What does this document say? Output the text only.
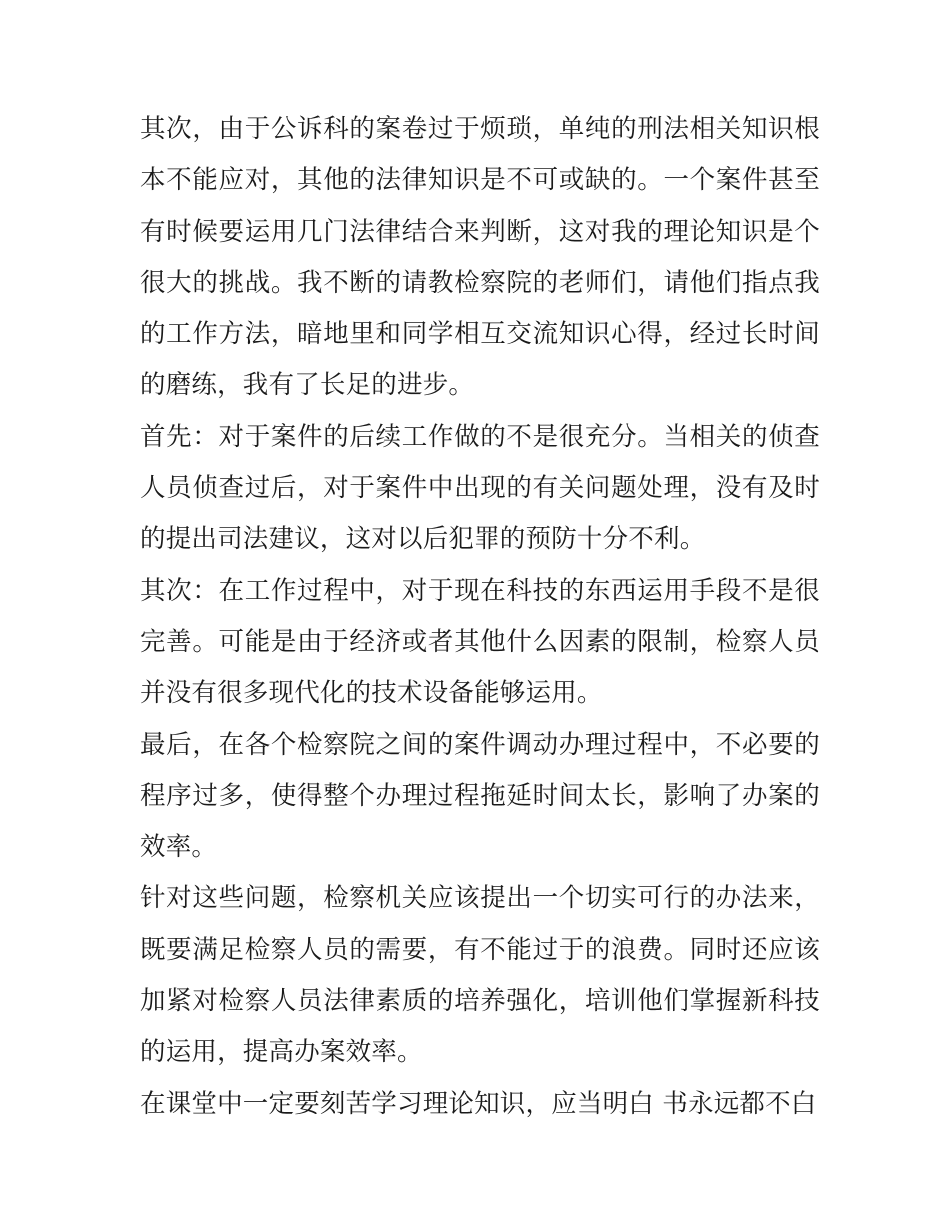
其次，由于公诉科的案卷过于烦琐，单纯的刑法相关知识根本不能应对，其他的法律知识是不可或缺的。一个案件甚至有时候要运用几门法律结合来判断，这对我的理论知识是个很大的挑战。我不断的请教检察院的老师们，请他们指点我的工作方法，暗地里和同学相互交流知识心得，经过长时间的磨练，我有了长足的进步。

首先：对于案件的后续工作做的不是很充分。当相关的侦查人员侦查过后，对于案件中出现的有关问题处理，没有及时的提出司法建议，这对以后犯罪的预防十分不利。

其次：在工作过程中，对于现在科技的东西运用手段不是很完善。可能是由于经济或者其他什么因素的限制，检察人员并没有很多现代化的技术设备能够运用。

最后，在各个检察院之间的案件调动办理过程中，不必要的程序过多，使得整个办理过程拖延时间太长，影响了办案的效率。

针对这些问题，检察机关应该提出一个切实可行的办法来，既要满足检察人员的需要，有不能过于的浪费。同时还应该加紧对检察人员法律素质的培养强化，培训他们掌握新科技的运用，提高办案效率。

在课堂中一定要刻苦学习理论知识，应当明白 书永远都不白
